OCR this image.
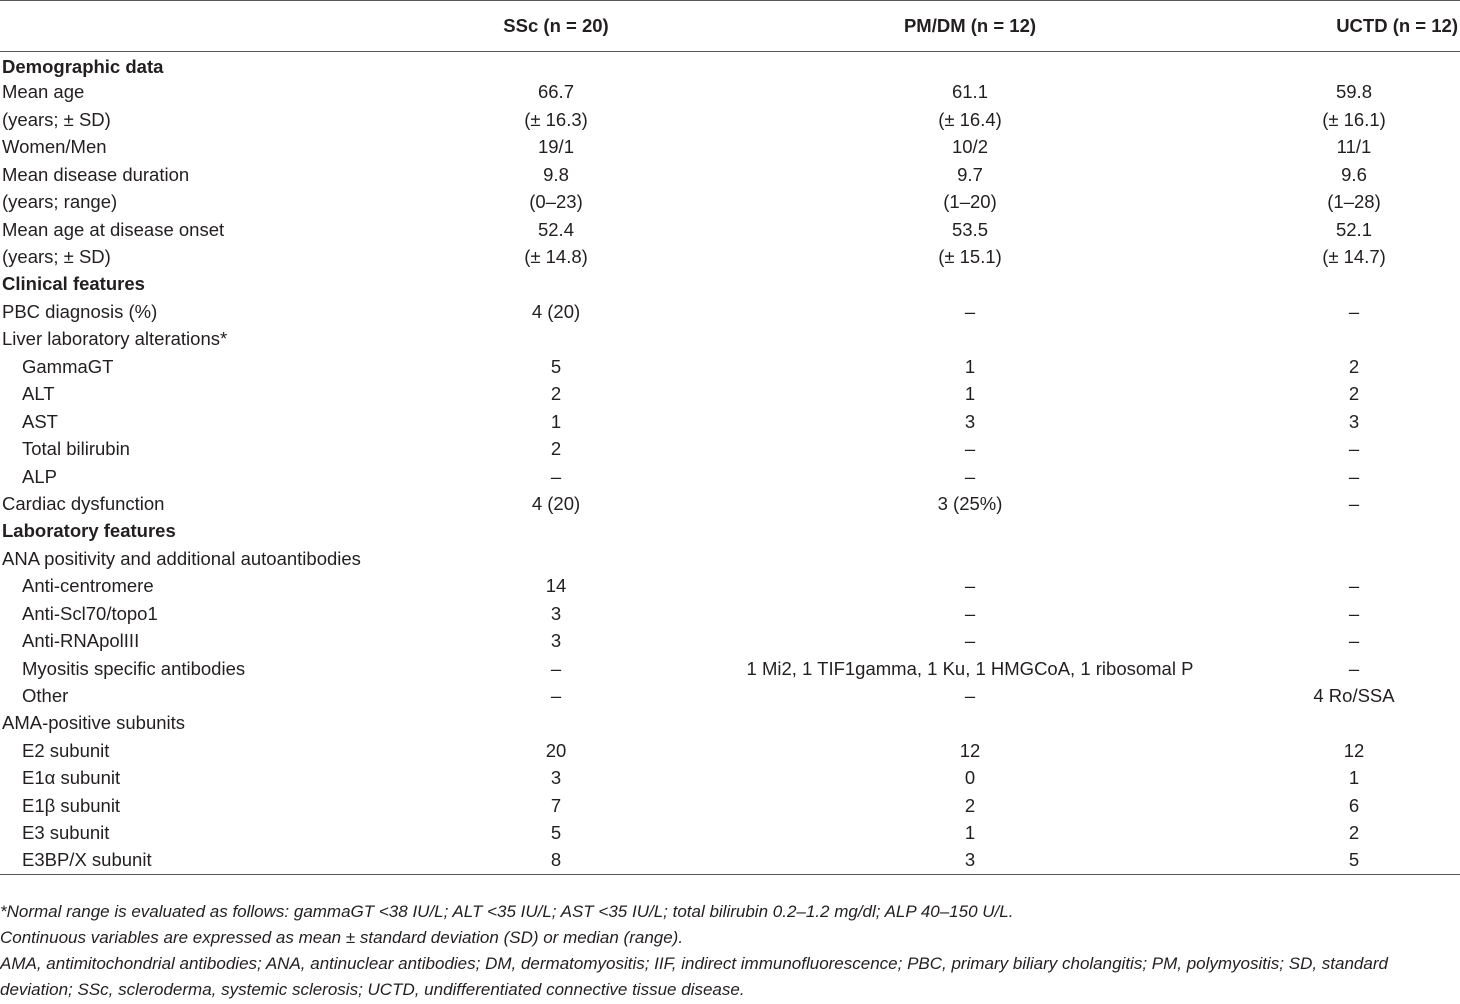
	SSc (n = 20)	PM/DM (n = 12)	UCTD (n = 12)
Demographic data			
Mean age	66.7	61.1	59.8
(years; ± SD)	(± 16.3)	(± 16.4)	(± 16.1)
Women/Men	19/1	10/2	11/1
Mean disease duration	9.8	9.7	9.6
(years; range)	(0–23)	(1–20)	(1–28)
Mean age at disease onset	52.4	53.5	52.1
(years; ± SD)	(± 14.8)	(± 15.1)	(± 14.7)
Clinical features			
PBC diagnosis (%)	4 (20)	–	–
Liver laboratory alterations*			
GammaGT	5	1	2
ALT	2	1	2
AST	1	3	3
Total bilirubin	2	–	–
ALP	–	–	–
Cardiac dysfunction	4 (20)	3 (25%)	–
Laboratory features			
ANA positivity and additional autoantibodies			
Anti-centromere	14	–	–
Anti-Scl70/topo1	3	–	–
Anti-RNApolIII	3	–	–
Myositis specific antibodies	–	1 Mi2, 1 TIF1gamma, 1 Ku, 1 HMGCoA, 1 ribosomal P	–
Other	–	–	4 Ro/SSA
AMA-positive subunits			
E2 subunit	20	12	12
E1α subunit	3	0	1
E1β subunit	7	2	6
E3 subunit	5	1	2
E3BP/X subunit	8	3	5

*Normal range is evaluated as follows: gammaGT <38 IU/L; ALT <35 IU/L; AST <35 IU/L; total bilirubin 0.2–1.2 mg/dl; ALP 40–150 U/L.

Continuous variables are expressed as mean ± standard deviation (SD) or median (range).

AMA, antimitochondrial antibodies; ANA, antinuclear antibodies; DM, dermatomyositis; IIF, indirect immunofluorescence; PBC, primary biliary cholangitis; PM, polymyositis; SD, standard deviation; SSc, scleroderma, systemic sclerosis; UCTD, undifferentiated connective tissue disease.
